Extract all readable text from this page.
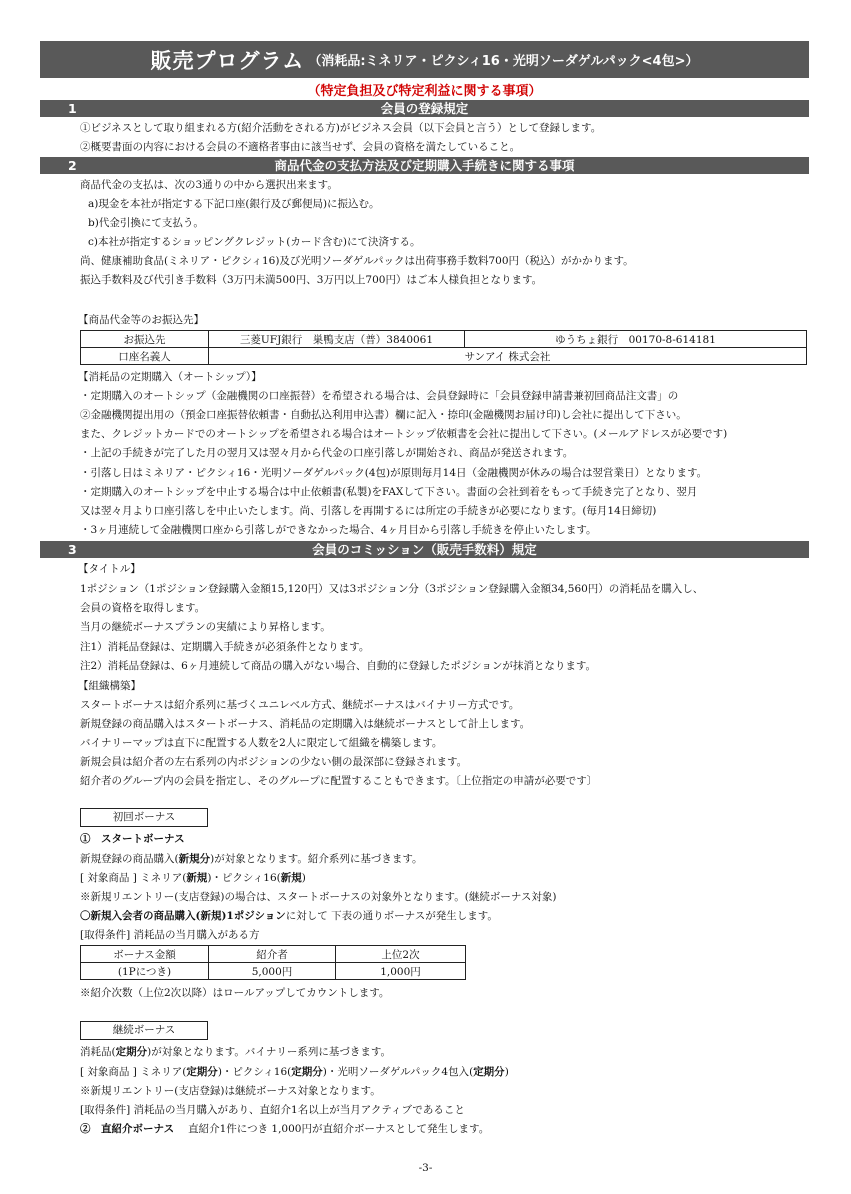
販売プログラム （消耗品:ミネリア・ピクシィ16・光明ソーダゲルパック<4包>）
（特定負担及び特定利益に関する事項）
1	会員の登録規定
①ビジネスとして取り組まれる方(紹介活動をされる方)がビジネス会員（以下会員と言う）として登録します。
②概要書面の内容における会員の不適格者事由に該当せず、会員の資格を満たしていること。
2	商品代金の支払方法及び定期購入手続きに関する事項
商品代金の支払は、次の3通りの中から選択出来ます。
a)現金を本社が指定する下記口座(銀行及び郵便局)に振込む。
b)代金引換にて支払う。
c)本社が指定するショッピングクレジット(カード含む)にて決済する。
尚、健康補助食品(ミネリア・ピクシィ16)及び光明ソーダゲルパックは出荷事務手数料700円（税込）がかかります。
振込手数料及び代引き手数料（3万円未満500円、3万円以上700円）はご本人様負担となります。
【商品代金等のお振込先】
お振込先	三菱UFJ銀行　巣鴨支店（普）3840061	ゆうちょ銀行　00170-8-614181
口座名義人	サンアイ 株式会社	
【消耗品の定期購入（オートシップ）】
・定期購入のオートシップ（金融機関の口座振替）を希望される場合は、会員登録時に「会員登録申請書兼初回商品注文書」の
②金融機関提出用の（預金口座振替依頼書・自動払込利用申込書）欄に記入・捺印(金融機関お届け印)し会社に提出して下さい。
また、クレジットカードでのオートシップを希望される場合はオートシップ依頼書を会社に提出して下さい。(メールアドレスが必要です)
・上記の手続きが完了した月の翌月又は翌々月から代金の口座引落しが開始され、商品が発送されます。
・引落し日はミネリア・ピクシィ16・光明ソーダゲルパック(4包)が原則毎月14日（金融機関が休みの場合は翌営業日）となります。
・定期購入のオートシップを中止する場合は中止依頼書(私製)をFAXして下さい。書面の会社到着をもって手続き完了となり、翌月
又は翌々月より口座引落しを中止いたします。尚、引落しを再開するには所定の手続きが必要になります。(毎月14日締切)
・3ヶ月連続して金融機関口座から引落しができなかった場合、4ヶ月目から引落し手続きを停止いたします。
3	会員のコミッション（販売手数料）規定
【タイトル】
1ポジション（1ポジション登録購入金額15,120円）又は3ポジション分（3ポジション登録購入金額34,560円）の消耗品を購入し、
会員の資格を取得します。
当月の継続ボーナスプランの実績により昇格します。
注1）消耗品登録は、定期購入手続きが必須条件となります。
注2）消耗品登録は、6ヶ月連続して商品の購入がない場合、自動的に登録したポジションが抹消となります。
【組織構築】
スタートボーナスは紹介系列に基づくユニレベル方式、継続ボーナスはバイナリー方式です。
新規登録の商品購入はスタートボーナス、消耗品の定期購入は継続ボーナスとして計上します。
バイナリーマップは直下に配置する人数を2人に限定して組織を構築します。
新規会員は紹介者の左右系列の内ポジションの少ない側の最深部に登録されます。
紹介者のグループ内の会員を指定し、そのグループに配置することもできます。〔上位指定の申請が必要です〕
初回ボーナス
①　スタートボーナス
新規登録の商品購入(新規分)が対象となります。紹介系列に基づきます。
[ 対象商品 ] ミネリア(新規)・ピクシィ16(新規)
※新規リエントリー(支店登録)の場合は、スタートボーナスの対象外となります。(継続ボーナス対象)
〇新規入会者の商品購入(新規)1ポジションに対して 下表の通りボーナスが発生します。
[取得条件] 消耗品の当月購入がある方
ボーナス金額	紹介者	上位2次
(1Pにつき)	5,000円	1,000円
※紹介次数（上位2次以降）はロールアップしてカウントします。
継続ボーナス
消耗品(定期分)が対象となります。バイナリー系列に基づきます。
[ 対象商品 ] ミネリア(定期分)・ピクシィ16(定期分)・光明ソーダゲルパック4包入(定期分)
※新規リエントリー(支店登録)は継続ボーナス対象となります。
[取得条件] 消耗品の当月購入があり、直紹介1名以上が当月アクティブであること
②　直紹介ボーナス 直紹介1件につき 1,000円が直紹介ボーナスとして発生します。
-3-
